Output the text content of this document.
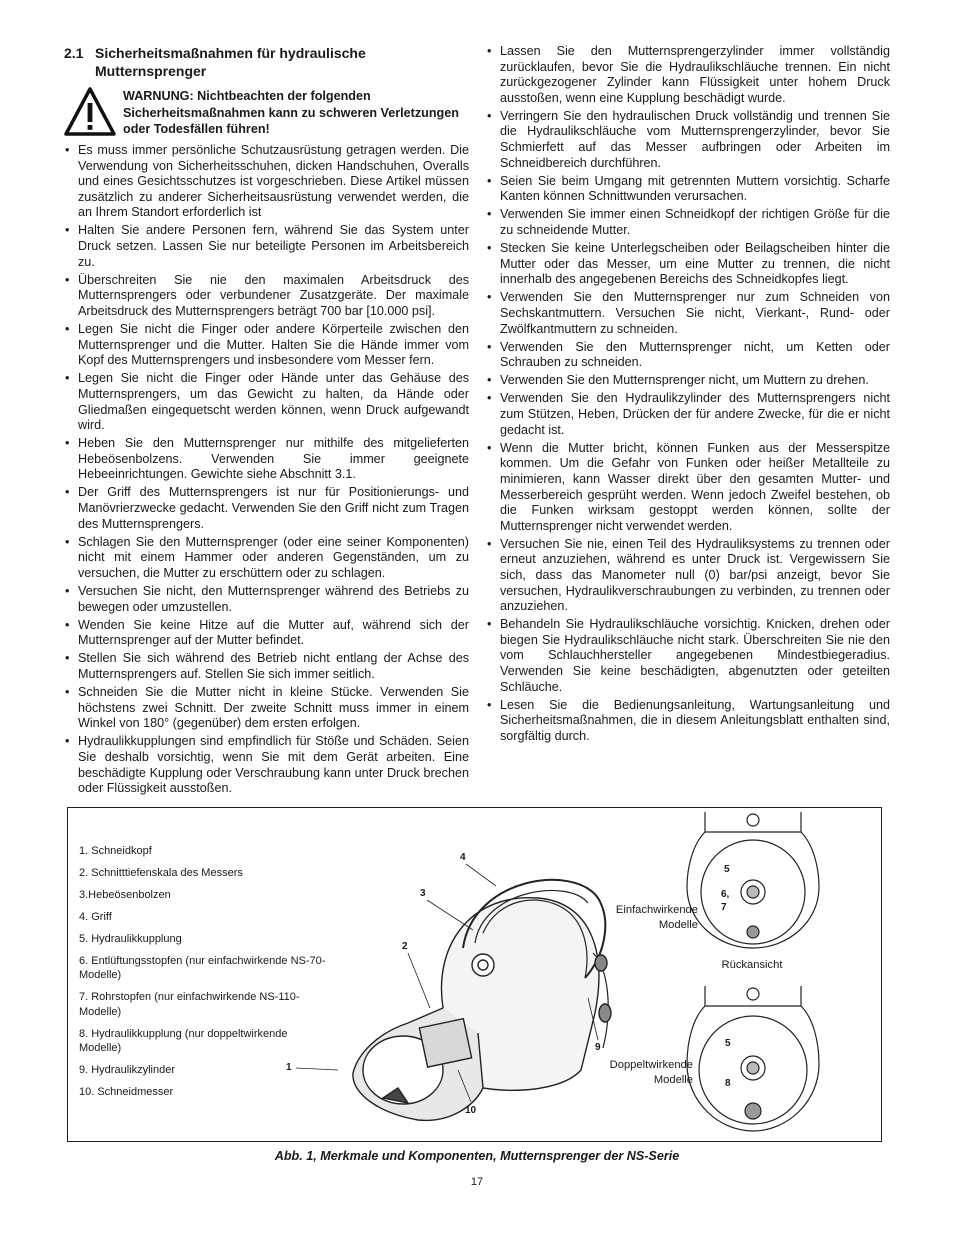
2.1 Sicherheitsmaßnahmen für hydraulische Mutternsprenger
WARNUNG: Nichtbeachten der folgenden Sicherheitsmaßnahmen kann zu schweren Verletzungen oder Todesfällen führen!
• Es muss immer persönliche Schutzausrüstung getragen werden. Die Verwendung von Sicherheitsschuhen, dicken Handschuhen, Overalls und eines Gesichtsschutzes ist vorgeschrieben. Diese Artikel müssen zusätzlich zu anderer Sicherheitsausrüstung verwendet werden, die an Ihrem Standort erforderlich ist
• Halten Sie andere Personen fern, während Sie das System unter Druck setzen. Lassen Sie nur beteiligte Personen im Arbeitsbereich zu.
• Überschreiten Sie nie den maximalen Arbeitsdruck des Mutternsprengers oder verbundener Zusatzgeräte. Der maximale Arbeitsdruck des Mutternsprengers beträgt 700 bar [10.000 psi].
• Legen Sie nicht die Finger oder andere Körperteile zwischen den Mutternsprenger und die Mutter. Halten Sie die Hände immer vom Kopf des Mutternsprengers und insbesondere vom Messer fern.
• Legen Sie nicht die Finger oder Hände unter das Gehäuse des Mutternsprengers, um das Gewicht zu halten, da Hände oder Gliedmaßen eingequetscht werden können, wenn Druck aufgewandt wird.
• Heben Sie den Mutternsprenger nur mithilfe des mitgelieferten Hebeösenbolzens. Verwenden Sie immer geeignete Hebeeinrichtungen. Gewichte siehe Abschnitt 3.1.
• Der Griff des Mutternsprengers ist nur für Positionierungs- und Manövrierzwecke gedacht. Verwenden Sie den Griff nicht zum Tragen des Mutternsprengers.
• Schlagen Sie den Mutternsprenger (oder eine seiner Komponenten) nicht mit einem Hammer oder anderen Gegenständen, um zu versuchen, die Mutter zu erschüttern oder zu schlagen.
• Versuchen Sie nicht, den Mutternsprenger während des Betriebs zu bewegen oder umzustellen.
• Wenden Sie keine Hitze auf die Mutter auf, während sich der Mutternsprenger auf der Mutter befindet.
• Stellen Sie sich während des Betrieb nicht entlang der Achse des Mutternsprengers auf. Stellen Sie sich immer seitlich.
• Schneiden Sie die Mutter nicht in kleine Stücke. Verwenden Sie höchstens zwei Schnitt. Der zweite Schnitt muss immer in einem Winkel von 180° (gegenüber) dem ersten erfolgen.
• Hydraulikkupplungen sind empfindlich für Stöße und Schäden. Seien Sie deshalb vorsichtig, wenn Sie mit dem Gerät arbeiten. Eine beschädigte Kupplung oder Verschraubung kann unter Druck brechen oder Flüssigkeit ausstoßen.
• Lassen Sie den Mutternsprengerzylinder immer vollständig zurücklaufen, bevor Sie die Hydraulikschläuche trennen. Ein nicht zurückgezogener Zylinder kann Flüssigkeit unter hohem Druck ausstoßen, wenn eine Kupplung beschädigt wurde.
• Verringern Sie den hydraulischen Druck vollständig und trennen Sie die Hydraulikschläuche vom Mutternsprengerzylinder, bevor Sie Schmierfett auf das Messer aufbringen oder Arbeiten im Schneidbereich durchführen.
• Seien Sie beim Umgang mit getrennten Muttern vorsichtig. Scharfe Kanten können Schnittwunden verursachen.
• Verwenden Sie immer einen Schneidkopf der richtigen Größe für die zu schneidende Mutter.
• Stecken Sie keine Unterlegscheiben oder Beilagscheiben hinter die Mutter oder das Messer, um eine Mutter zu trennen, die nicht innerhalb des angegebenen Bereichs des Schneidkopfes liegt.
• Verwenden Sie den Mutternsprenger nur zum Schneiden von Sechskantmuttern. Versuchen Sie nicht, Vierkant-, Rund- oder Zwölfkantmuttern zu schneiden.
• Verwenden Sie den Mutternsprenger nicht, um Ketten oder Schrauben zu schneiden.
• Verwenden Sie den Mutternsprenger nicht, um Muttern zu drehen.
• Verwenden Sie den Hydraulikzylinder des Mutternsprengers nicht zum Stützen, Heben, Drücken der für andere Zwecke, für die er nicht gedacht ist.
• Wenn die Mutter bricht, können Funken aus der Messerspitze kommen. Um die Gefahr von Funken oder heißer Metallteile zu minimieren, kann Wasser direkt über den gesamten Mutter- und Messerbereich gesprüht werden. Wenn jedoch Zweifel bestehen, ob die Funken wirksam gestoppt werden können, sollte der Mutternsprenger nicht verwendet werden.
• Versuchen Sie nie, einen Teil des Hydrauliksystems zu trennen oder erneut anzuziehen, während es unter Druck ist. Vergewissern Sie sich, dass das Manometer null (0) bar/psi anzeigt, bevor Sie versuchen, Hydraulikverschraubungen zu verbinden, zu trennen oder anzuziehen.
• Behandeln Sie Hydraulikschläuche vorsichtig. Knicken, drehen oder biegen Sie Hydraulikschläuche nicht stark. Überschreiten Sie nie den vom Schlauchhersteller angegebenen Mindestbiegeradius. Verwenden Sie keine beschädigten, abgenutzten oder geteilten Schläuche.
• Lesen Sie die Bedienungsanleitung, Wartungsanleitung und Sicherheitsmaßnahmen, die in diesem Anleitungsblatt enthalten sind, sorgfältig durch.
1. Schneidkopf
2. Schnitttiefenskala des Messers
3.Hebeösenbolzen
4. Griff
5. Hydraulikkupplung
6. Entlüftungsstopfen (nur einfachwirkende NS-70-Modelle)
7. Rohrstopfen (nur einfachwirkende NS-110-Modelle)
8. Hydraulikkupplung (nur doppeltwirkende Modelle)
9. Hydraulikzylinder
10. Schneidmesser
4
3
2
1
9
10
Einfachwirkende Modelle
Doppeltwirkende Modelle
Rückansicht
5
6,
7
5
8
Abb. 1, Merkmale und Komponenten, Mutternsprenger der NS-Serie
17
